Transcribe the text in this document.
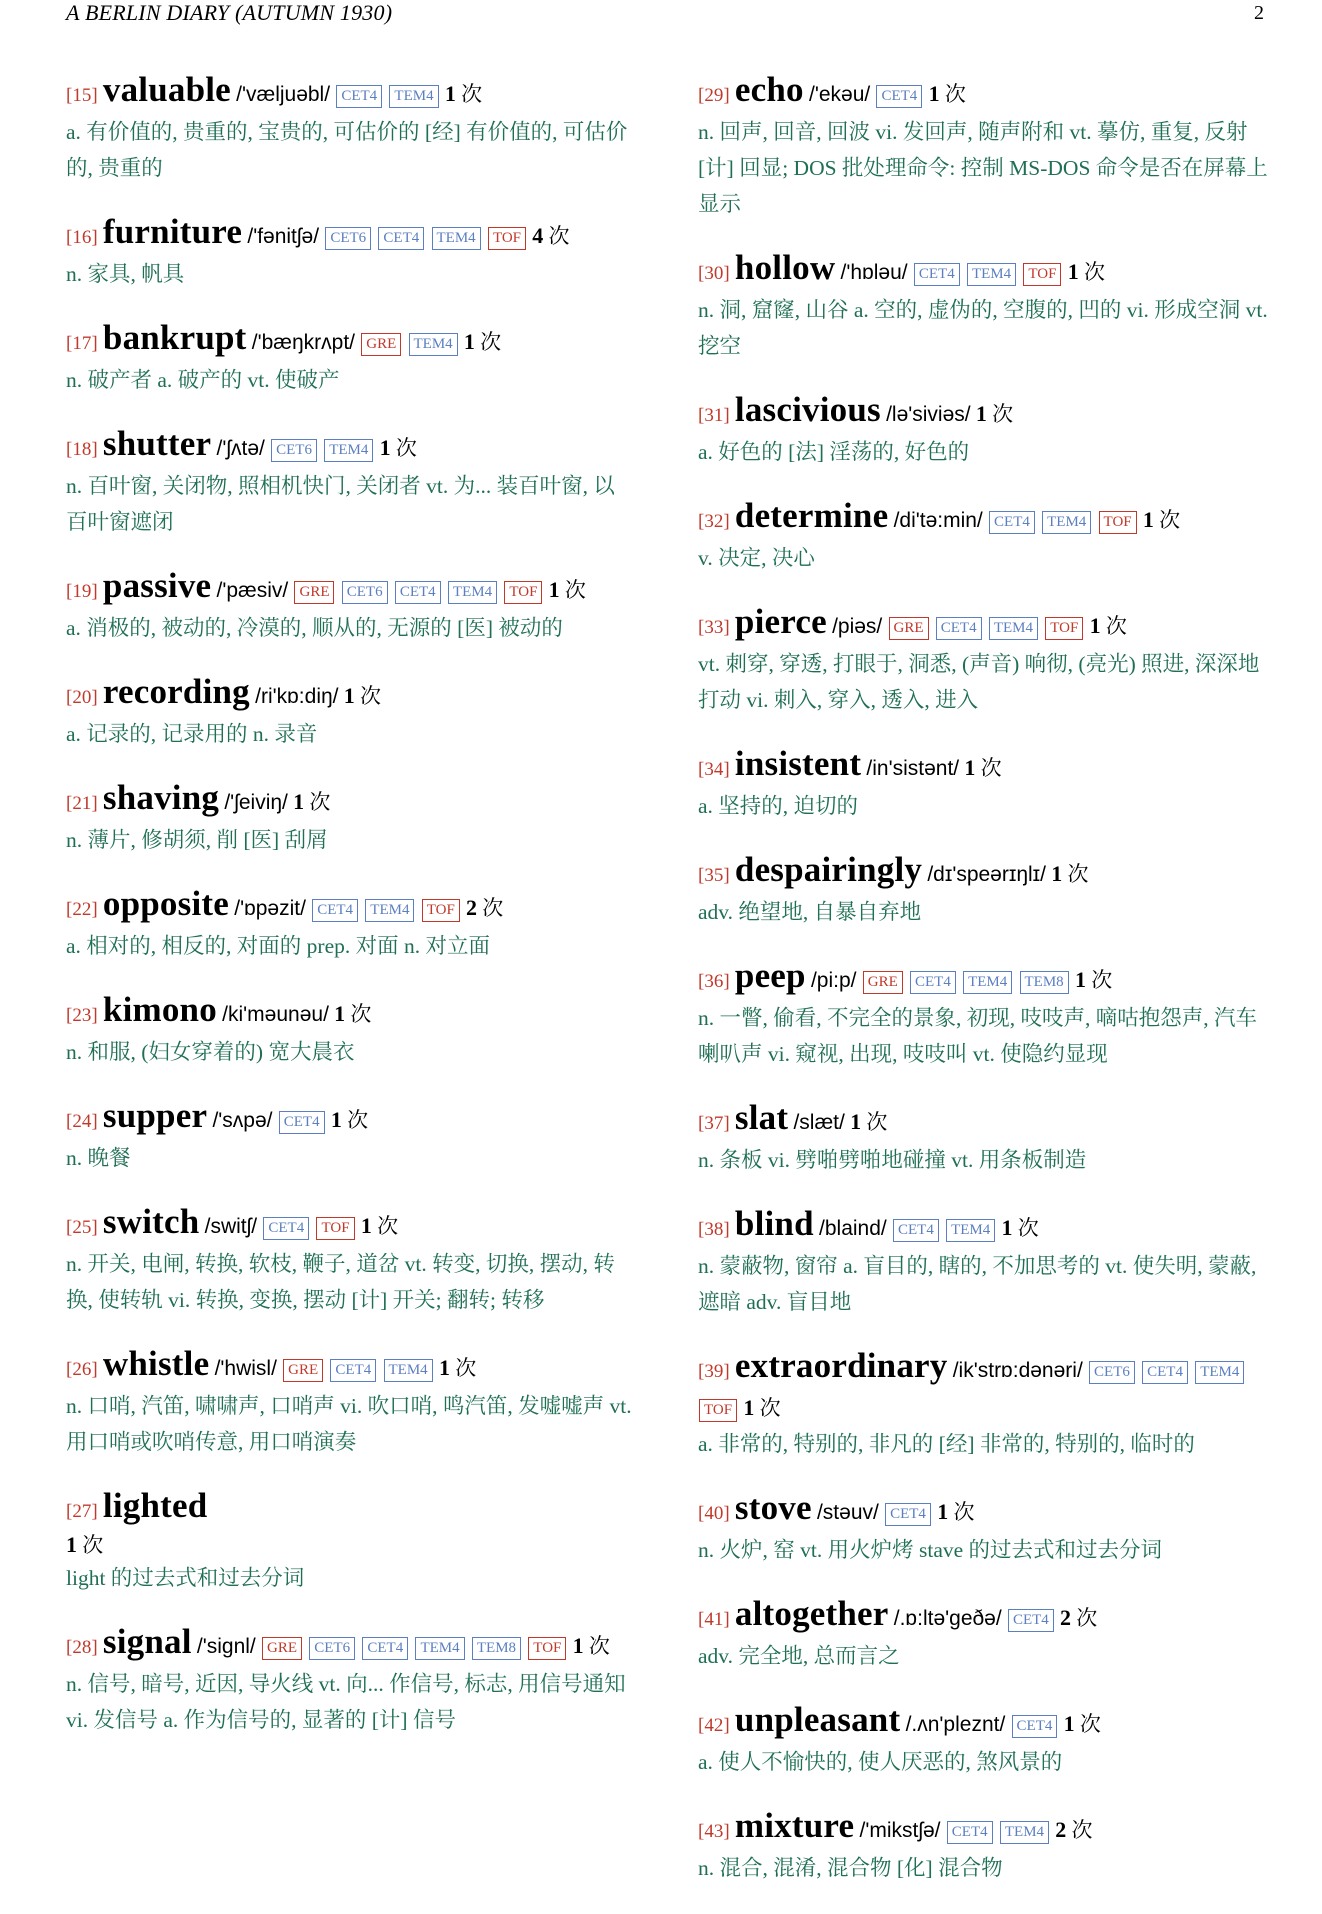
A BERLIN DIARY (AUTUMN 1930)	2
[15] valuable /'væljuəbl/ CET4 TEM4 1 次
a. 有价值的, 贵重的, 宝贵的, 可估价的 [经] 有价值的, 可估价的, 贵重的
[16] furniture /'fənitʃə/ CET6 CET4 TEM4 TOF 4 次
n. 家具, 帆具
[17] bankrupt /'bæŋkrʌpt/ GRE TEM4 1 次
n. 破产者 a. 破产的 vt. 使破产
[18] shutter /'ʃʌtə/ CET6 TEM4 1 次
n. 百叶窗, 关闭物, 照相机快门, 关闭者 vt. 为... 装百叶窗, 以百叶窗遮闭
[19] passive /'pæsiv/ GRE CET6 CET4 TEM4 TOF 1 次
a. 消极的, 被动的, 冷漠的, 顺从的, 无源的 [医] 被动的
[20] recording /ri'kɒ:diŋ/ 1 次
a. 记录的, 记录用的 n. 录音
[21] shaving /'ʃeiviŋ/ 1 次
n. 薄片, 修胡须, 削 [医] 刮屑
[22] opposite /'ɒpəzit/ CET4 TEM4 TOF 2 次
a. 相对的, 相反的, 对面的 prep. 对面 n. 对立面
[23] kimono /ki'məunəu/ 1 次
n. 和服, (妇女穿着的) 宽大晨衣
[24] supper /'sʌpə/ CET4 1 次
n. 晚餐
[25] switch /switʃ/ CET4 TOF 1 次
n. 开关, 电闸, 转换, 软枝, 鞭子, 道岔 vt. 转变, 切换, 摆动, 转换, 使转轨 vi. 转换, 变换, 摆动 [计] 开关; 翻转; 转移
[26] whistle /'hwisl/ GRE CET4 TEM4 1 次
n. 口哨, 汽笛, 啸啸声, 口哨声 vi. 吹口哨, 鸣汽笛, 发嘘嘘声 vt. 用口哨或吹哨传意, 用口哨演奏
[27] lighted
1 次
light 的过去式和过去分词
[28] signal /'signl/ GRE CET6 CET4 TEM4 TEM8 TOF 1 次
n. 信号, 暗号, 近因, 导火线 vt. 向... 作信号, 标志, 用信号通知 vi. 发信号 a. 作为信号的, 显著的 [计] 信号
[29] echo /'ekəu/ CET4 1 次
n. 回声, 回音, 回波 vi. 发回声, 随声附和 vt. 摹仿, 重复, 反射 [计] 回显; DOS 批处理命令: 控制 MS-DOS 命令是否在屏幕上显示
[30] hollow /'hɒləu/ CET4 TEM4 TOF 1 次
n. 洞, 窟窿, 山谷 a. 空的, 虚伪的, 空腹的, 凹的 vi. 形成空洞 vt. 挖空
[31] lascivious /lə'siviəs/ 1 次
a. 好色的 [法] 淫荡的, 好色的
[32] determine /di'tə:min/ CET4 TEM4 TOF 1 次
v. 决定, 决心
[33] pierce /piəs/ GRE CET4 TEM4 TOF 1 次
vt. 刺穿, 穿透, 打眼于, 洞悉, (声音) 响彻, (亮光) 照进, 深深地打动 vi. 刺入, 穿入, 透入, 进入
[34] insistent /in'sistənt/ 1 次
a. 坚持的, 迫切的
[35] despairingly /dɪ'speərɪŋlɪ/ 1 次
adv. 绝望地, 自暴自弃地
[36] peep /pi:p/ GRE CET4 TEM4 TEM8 1 次
n. 一瞥, 偷看, 不完全的景象, 初现, 吱吱声, 嘀咕抱怨声, 汽车喇叭声 vi. 窥视, 出现, 吱吱叫 vt. 使隐约显现
[37] slat /slæt/ 1 次
n. 条板 vi. 劈啪劈啪地碰撞 vt. 用条板制造
[38] blind /blaind/ CET4 TEM4 1 次
n. 蒙蔽物, 窗帘 a. 盲目的, 瞎的, 不加思考的 vt. 使失明, 蒙蔽, 遮暗 adv. 盲目地
[39] extraordinary /ik'strɒ:dənəri/ CET6 CET4 TEM4 TOF 1 次
a. 非常的, 特别的, 非凡的 [经] 非常的, 特别的, 临时的
[40] stove /stəuv/ CET4 1 次
n. 火炉, 窑 vt. 用火炉烤 stave 的过去式和过去分词
[41] altogether /.ɒ:ltə'geðə/ CET4 2 次
adv. 完全地, 总而言之
[42] unpleasant /.ʌn'pleznt/ CET4 1 次
a. 使人不愉快的, 使人厌恶的, 煞风景的
[43] mixture /'mikstʃə/ CET4 TEM4 2 次
n. 混合, 混淆, 混合物 [化] 混合物
